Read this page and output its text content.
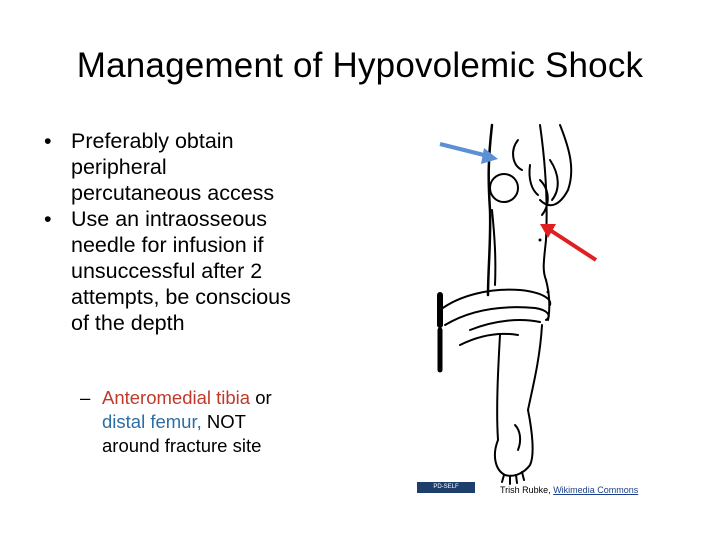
Management of Hypovolemic Shock
• Preferably obtain
peripheral
percutaneous access
• Use an intraosseous
needle for infusion if
unsuccessful after 2
attempts, be conscious
of the depth
– Anteromedial tibia or
distal femur, NOT
around fracture site
PD-SELF	Trish Rubke, Wikimedia Commons
